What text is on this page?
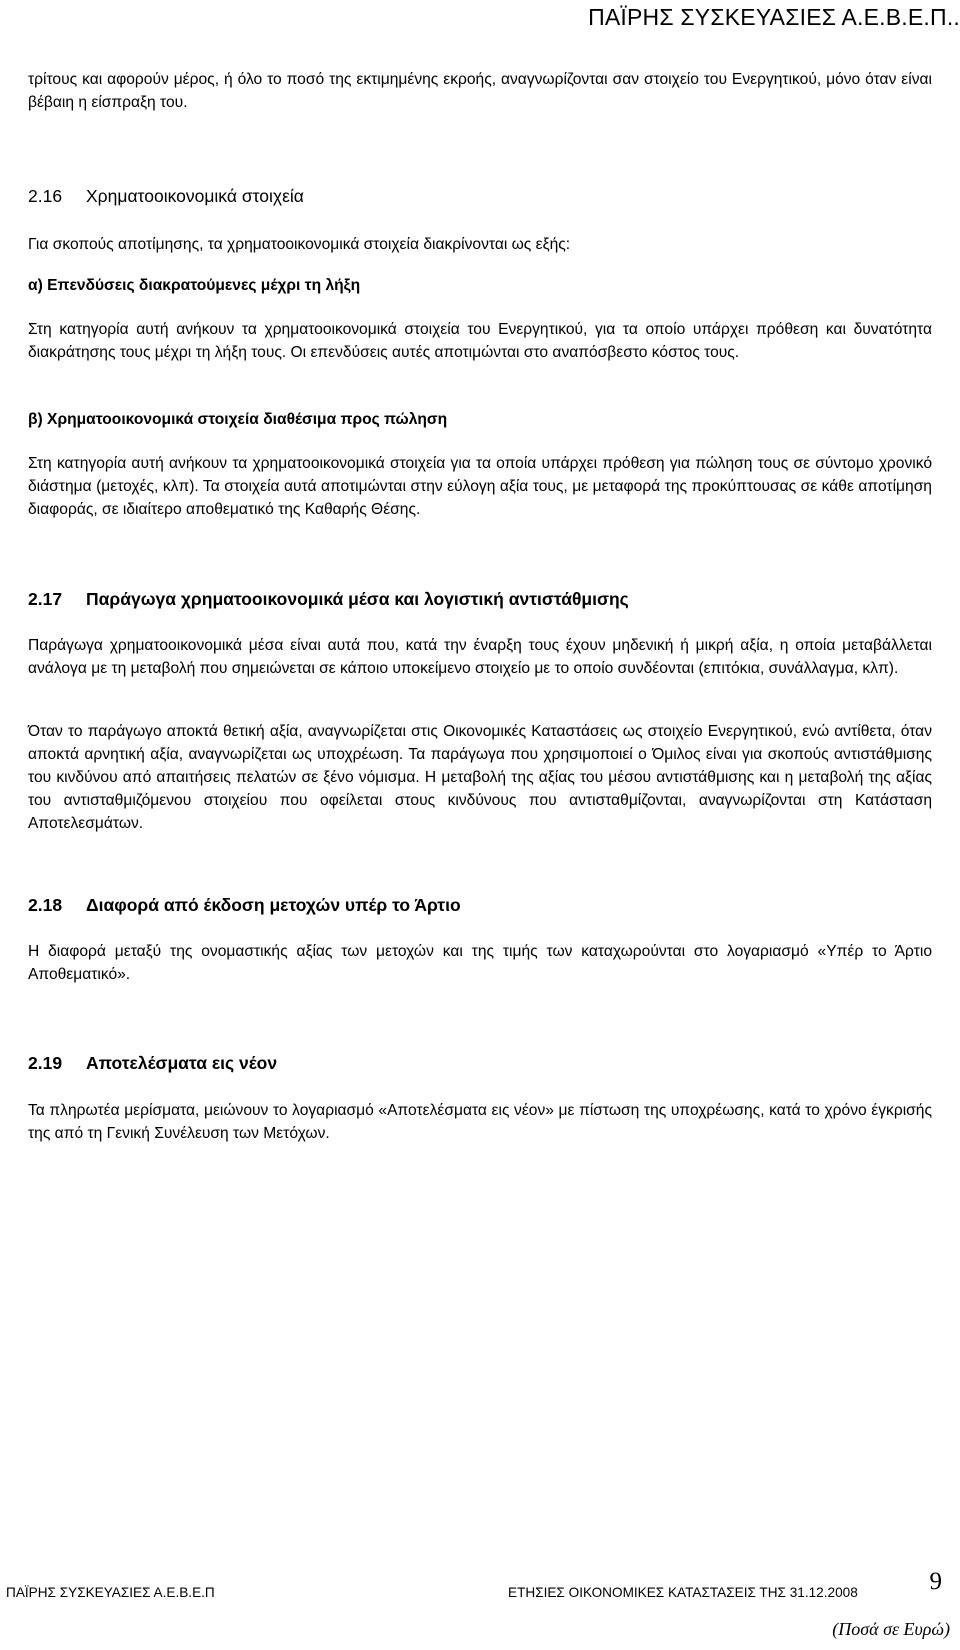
ΠΑΪΡΗΣ ΣΥΣΚΕΥΑΣΙΕΣ Α.Ε.Β.Ε.Π..
τρίτους και αφορούν μέρος, ή όλο το ποσό της εκτιμημένης εκροής, αναγνωρίζονται σαν στοιχείο του Ενεργητικού, μόνο όταν είναι βέβαιη η είσπραξη του.
2.16 Χρηματοοικονομικά στοιχεία
Για σκοπούς αποτίμησης, τα χρηματοοικονομικά στοιχεία διακρίνονται ως εξής:
α) Επενδύσεις διακρατούμενες μέχρι τη λήξη
Στη κατηγορία αυτή ανήκουν τα χρηματοοικονομικά στοιχεία του Ενεργητικού, για τα οποίο υπάρχει πρόθεση και δυνατότητα διακράτησης τους μέχρι τη λήξη τους. Οι επενδύσεις αυτές αποτιμώνται στο αναπόσβεστο κόστος τους.
β) Χρηματοοικονομικά στοιχεία διαθέσιμα προς πώληση
Στη κατηγορία αυτή ανήκουν τα χρηματοοικονομικά στοιχεία για τα οποία υπάρχει πρόθεση για πώληση τους σε σύντομο χρονικό διάστημα (μετοχές, κλπ). Τα στοιχεία αυτά αποτιμώνται στην εύλογη αξία τους, με μεταφορά της προκύπτουσας σε κάθε αποτίμηση διαφοράς, σε ιδιαίτερο αποθεματικό της Καθαρής Θέσης.
2.17 Παράγωγα χρηματοοικονομικά μέσα και λογιστική αντιστάθμισης
Παράγωγα χρηματοοικονομικά μέσα είναι αυτά που, κατά την έναρξη τους έχουν μηδενική ή μικρή αξία, η οποία μεταβάλλεται ανάλογα με τη μεταβολή που σημειώνεται σε κάποιο υποκείμενο στοιχείο με το οποίο συνδέονται (επιτόκια, συνάλλαγμα, κλπ).
Όταν το παράγωγο αποκτά θετική αξία, αναγνωρίζεται στις Οικονομικές Καταστάσεις ως στοιχείο Ενεργητικού, ενώ αντίθετα, όταν αποκτά αρνητική αξία, αναγνωρίζεται ως υποχρέωση. Τα παράγωγα που χρησιμοποιεί ο Όμιλος είναι για σκοπούς αντιστάθμισης του κινδύνου από απαιτήσεις πελατών σε ξένο νόμισμα. Η μεταβολή της αξίας του μέσου αντιστάθμισης και η μεταβολή της αξίας του αντισταθμιζόμενου στοιχείου που οφείλεται στους κινδύνους που αντισταθμίζονται, αναγνωρίζονται στη Κατάσταση Αποτελεσμάτων.
2.18 Διαφορά από έκδοση μετοχών υπέρ το Άρτιο
Η διαφορά μεταξύ της ονομαστικής αξίας των μετοχών και της τιμής των καταχωρούνται στο λογαριασμό «Υπέρ το Άρτιο Αποθεματικό».
2.19 Αποτελέσματα εις νέον
Τα πληρωτέα μερίσματα, μειώνουν το λογαριασμό «Αποτελέσματα εις νέον» με πίστωση της υποχρέωσης, κατά το χρόνο έγκρισής της από τη Γενική Συνέλευση των Μετόχων.
ΠΑΪΡΗΣ ΣΥΣΚΕΥΑΣΙΕΣ Α.Ε.Β.Ε.Π	ΕΤΗΣΙΕΣ ΟΙΚΟΝΟΜΙΚΕΣ ΚΑΤΑΣΤΑΣΕΙΣ ΤΗΣ 31.12.2008	9
(Ποσά σε Ευρώ)
